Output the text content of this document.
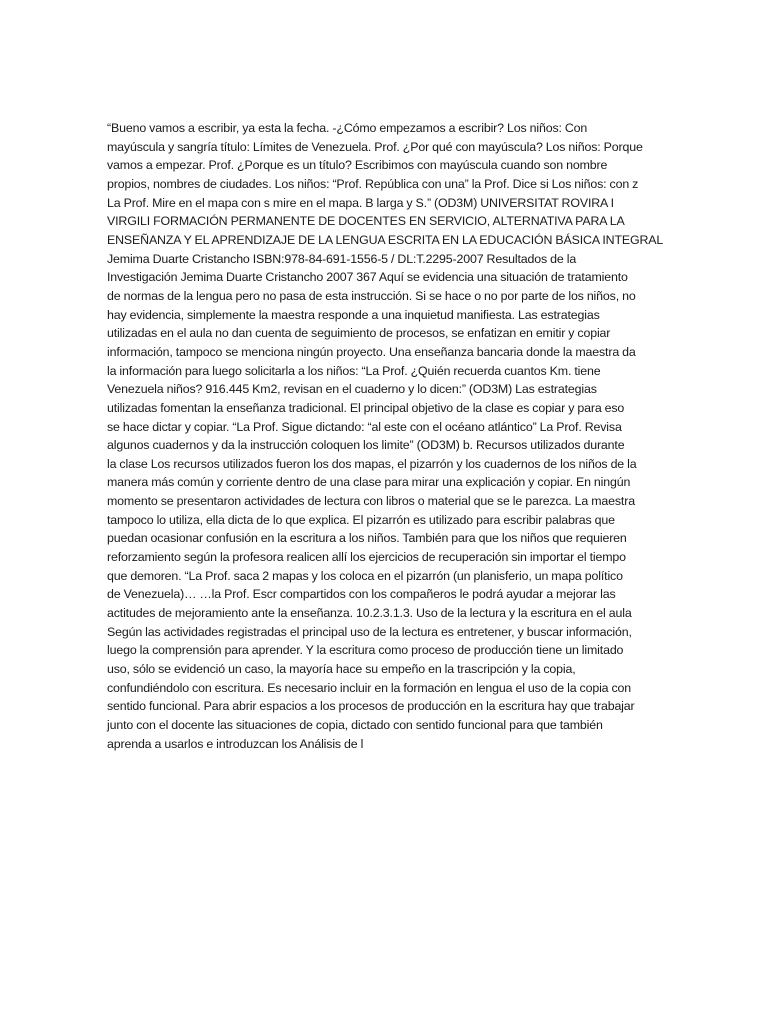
“Bueno vamos a escribir, ya esta la fecha. -¿Cómo empezamos a escribir? Los niños: Con
mayúscula y sangría título: Límites de Venezuela. Prof. ¿Por qué con mayúscula? Los niños: Porque
vamos a empezar. Prof. ¿Porque es un título? Escribimos con mayúscula cuando son nombre
propios, nombres de ciudades. Los niños: “Prof. República con una” la Prof. Dice si Los niños: con z
La Prof. Mire en el mapa con s mire en el mapa. B larga y S.” (OD3M) UNIVERSITAT ROVIRA I
VIRGILI FORMACIÓN PERMANENTE DE DOCENTES EN SERVICIO, ALTERNATIVA PARA LA
ENSEÑANZA Y EL APRENDIZAJE DE LA LENGUA ESCRITA EN LA EDUCACIÓN BÁSICA INTEGRAL
Jemima Duarte Cristancho ISBN:978-84-691-1556-5 / DL:T.2295-2007 Resultados de la
Investigación Jemima Duarte Cristancho 2007 367 Aquí se evidencia una situación de tratamiento
de normas de la lengua pero no pasa de esta instrucción. Si se hace o no por parte de los niños, no
hay evidencia, simplemente la maestra responde a una inquietud manifiesta. Las estrategias
utilizadas en el aula no dan cuenta de seguimiento de procesos, se enfatizan en emitir y copiar
información, tampoco se menciona ningún proyecto. Una enseñanza bancaria donde la maestra da
la información para luego solicitarla a los niños: “La Prof. ¿Quién recuerda cuantos Km. tiene
Venezuela niños? 916.445 Km2, revisan en el cuaderno y lo dicen:” (OD3M) Las estrategias
utilizadas fomentan la enseñanza tradicional. El principal objetivo de la clase es copiar y para eso
se hace dictar y copiar. “La Prof. Sigue dictando: “al este con el océano atlántico” La Prof. Revisa
algunos cuadernos y da la instrucción coloquen los limite” (OD3M) b. Recursos utilizados durante
la clase Los recursos utilizados fueron los dos mapas, el pizarrón y los cuadernos de los niños de la
manera más común y corriente dentro de una clase para mirar una explicación y copiar. En ningún
momento se presentaron actividades de lectura con libros o material que se le parezca. La maestra
tampoco lo utiliza, ella dicta de lo que explica. El pizarrón es utilizado para escribir palabras que
puedan ocasionar confusión en la escritura a los niños. También para que los niños que requieren
reforzamiento según la profesora realicen allí los ejercicios de recuperación sin importar el tiempo
que demoren. “La Prof. saca 2 mapas y los coloca en el pizarrón (un planisferio, un mapa político
de Venezuela)… …la Prof. Escr compartidos con los compañeros le podrá ayudar a mejorar las
actitudes de mejoramiento ante la enseñanza. 10.2.3.1.3. Uso de la lectura y la escritura en el aula
Según las actividades registradas el principal uso de la lectura es entretener, y buscar información,
luego la comprensión para aprender. Y la escritura como proceso de producción tiene un limitado
uso, sólo se evidenció un caso, la mayoría hace su empeño en la trascripción y la copia,
confundiéndolo con escritura. Es necesario incluir en la formación en lengua el uso de la copia con
sentido funcional. Para abrir espacios a los procesos de producción en la escritura hay que trabajar
junto con el docente las situaciones de copia, dictado con sentido funcional para que también
aprenda a usarlos e introduzcan los Análisis de l
